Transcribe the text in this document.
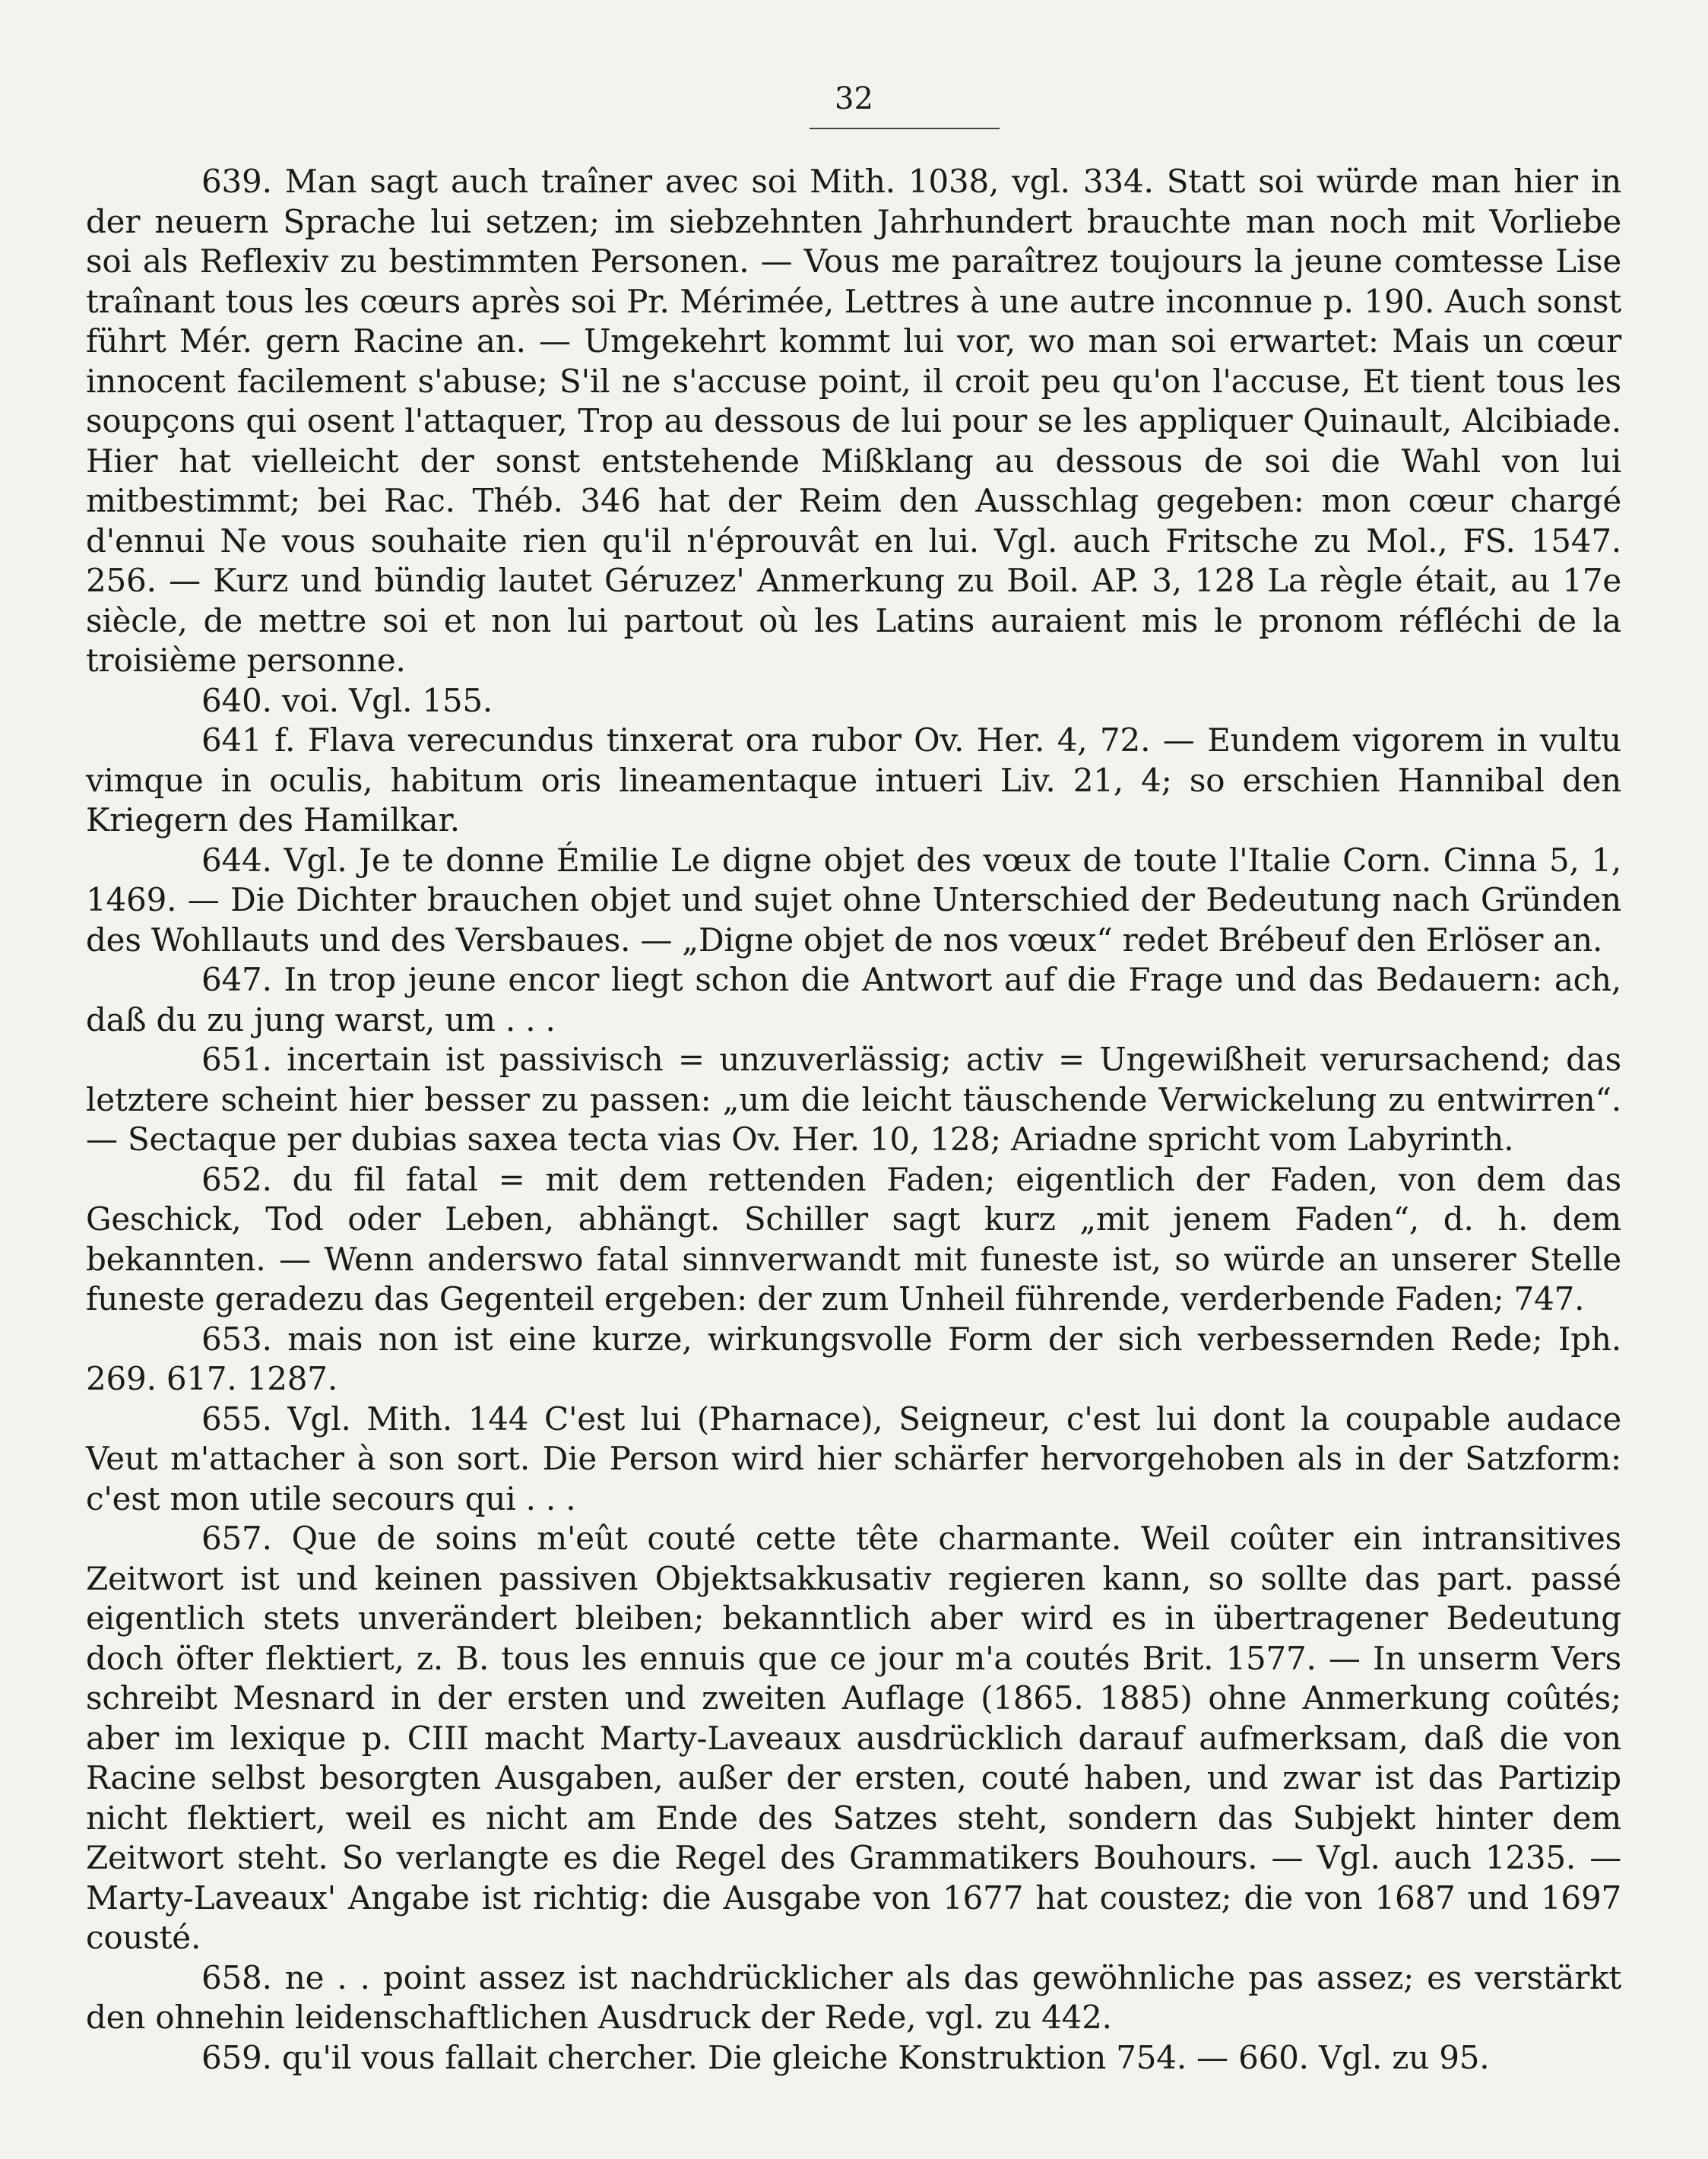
32

639. Man sagt auch traîner avec soi Mith. 1038, vgl. 334. Statt soi würde man hier in der neuern Sprache lui setzen; im siebzehnten Jahrhundert brauchte man noch mit Vorliebe soi als Reflexiv zu bestimmten Personen. — Vous me paraîtrez toujours la jeune comtesse Lise traînant tous les cœurs après soi Pr. Mérimée, Lettres à une autre inconnue p. 190. Auch sonst führt Mér. gern Racine an. — Umgekehrt kommt lui vor, wo man soi erwartet: Mais un cœur innocent facilement s'abuse; S'il ne s'accuse point, il croit peu qu'on l'accuse, Et tient tous les soupçons qui osent l'attaquer, Trop au dessous de lui pour se les appliquer Quinault, Alcibiade. Hier hat vielleicht der sonst entstehende Mißklang au dessous de soi die Wahl von lui mitbestimmt; bei Rac. Théb. 346 hat der Reim den Ausschlag gegeben: mon cœur chargé d'ennui Ne vous souhaite rien qu'il n'éprouvât en lui. Vgl. auch Fritsche zu Mol., FS. 1547. 256. — Kurz und bündig lautet Géruzez' Anmerkung zu Boil. AP. 3, 128 La règle était, au 17e siècle, de mettre soi et non lui partout où les Latins auraient mis le pronom réfléchi de la troisième personne.

640. voi. Vgl. 155.

641 f. Flava verecundus tinxerat ora rubor Ov. Her. 4, 72. — Eundem vigorem in vultu vimque in oculis, habitum oris lineamentaque intueri Liv. 21, 4; so erschien Hannibal den Kriegern des Hamilkar.

644. Vgl. Je te donne Émilie Le digne objet des vœux de toute l'Italie Corn. Cinna 5, 1, 1469. — Die Dichter brauchen objet und sujet ohne Unterschied der Bedeutung nach Gründen des Wohllauts und des Versbaues. — „Digne objet de nos vœux“ redet Brébeuf den Erlöser an.

647. In trop jeune encor liegt schon die Antwort auf die Frage und das Bedauern: ach, daß du zu jung warst, um . . .

651. incertain ist passivisch = unzuverlässig; activ = Ungewißheit verursachend; das letztere scheint hier besser zu passen: „um die leicht täuschende Verwickelung zu entwirren“. — Sectaque per dubias saxea tecta vias Ov. Her. 10, 128; Ariadne spricht vom Labyrinth.

652. du fil fatal = mit dem rettenden Faden; eigentlich der Faden, von dem das Geschick, Tod oder Leben, abhängt. Schiller sagt kurz „mit jenem Faden“, d. h. dem bekannten. — Wenn anderswo fatal sinnverwandt mit funeste ist, so würde an unserer Stelle funeste geradezu das Gegenteil ergeben: der zum Unheil führende, verderbende Faden; 747.

653. mais non ist eine kurze, wirkungsvolle Form der sich verbessernden Rede; Iph. 269. 617. 1287.

655. Vgl. Mith. 144 C'est lui (Pharnace), Seigneur, c'est lui dont la coupable audace Veut m'attacher à son sort. Die Person wird hier schärfer hervorgehoben als in der Satzform: c'est mon utile secours qui . . .

657. Que de soins m'eût couté cette tête charmante. Weil coûter ein intransitives Zeitwort ist und keinen passiven Objektsakkusativ regieren kann, so sollte das part. passé eigentlich stets unverändert bleiben; bekanntlich aber wird es in übertragener Bedeutung doch öfter flektiert, z. B. tous les ennuis que ce jour m'a coutés Brit. 1577. — In unserm Vers schreibt Mesnard in der ersten und zweiten Auflage (1865. 1885) ohne Anmerkung coûtés; aber im lexique p. CIII macht Marty-Laveaux ausdrücklich darauf aufmerksam, daß die von Racine selbst besorgten Ausgaben, außer der ersten, couté haben, und zwar ist das Partizip nicht flektiert, weil es nicht am Ende des Satzes steht, sondern das Subjekt hinter dem Zeitwort steht. So verlangte es die Regel des Grammatikers Bouhours. — Vgl. auch 1235. — Marty-Laveaux' Angabe ist richtig: die Ausgabe von 1677 hat coustez; die von 1687 und 1697 cousté.

658. ne . . point assez ist nachdrücklicher als das gewöhnliche pas assez; es verstärkt den ohnehin leidenschaftlichen Ausdruck der Rede, vgl. zu 442.

659. qu'il vous fallait chercher. Die gleiche Konstruktion 754. — 660. Vgl. zu 95.
